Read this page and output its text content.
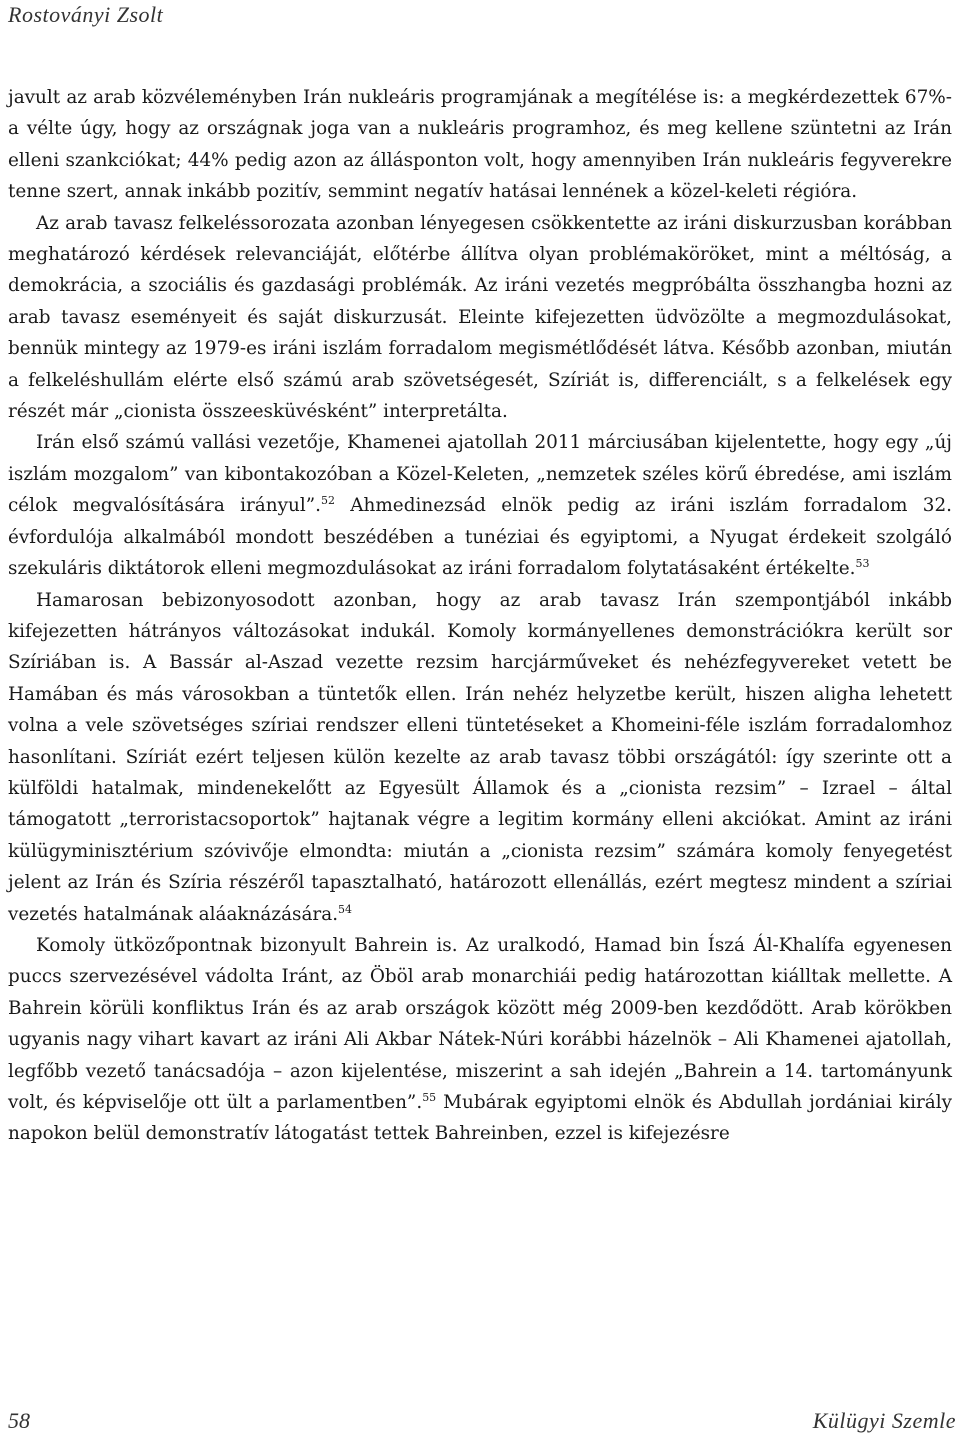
Rostoványi Zsolt

javult az arab közvéleményben Irán nukleáris programjának a megítélése is: a megkérdezettek 67%-a vélte úgy, hogy az országnak joga van a nukleáris programhoz, és meg kellene szüntetni az Irán elleni szankciókat; 44% pedig azon az állásponton volt, hogy amennyiben Irán nukleáris fegyverekre tenne szert, annak inkább pozitív, semmint negatív hatásai lennének a közel-keleti régióra.

Az arab tavasz felkeléssorozata azonban lényegesen csökkentette az iráni diskurzusban korábban meghatározó kérdések relevanciáját, előtérbe állítva olyan problémaköröket, mint a méltóság, a demokrácia, a szociális és gazdasági problémák. Az iráni vezetés megpróbálta összhangba hozni az arab tavasz eseményeit és saját diskurzusát. Eleinte kifejezetten üdvözölte a megmozdulásokat, bennük mintegy az 1979-es iráni iszlám forradalom megismétlődését látva. Később azonban, miután a felkeléshullám elérte első számú arab szövetségesét, Szíriát is, differenciált, s a felkelések egy részét már „cionista összeesküvésként” interpretálta.

Irán első számú vallási vezetője, Khamenei ajatollah 2011 márciusában kijelentette, hogy egy „új iszlám mozgalom” van kibontakozóban a Közel-Keleten, „nemzetek széles körű ébredése, ami iszlám célok megvalósítására irányul”.$^{52}$ Ahmedinezsád elnök pedig az iráni iszlám forradalom 32. évfordulója alkalmából mondott beszédében a tunéziai és egyiptomi, a Nyugat érdekeit szolgáló szekuláris diktátorok elleni megmozdulásokat az iráni forradalom folytatásaként értékelte.$^{53}$

Hamarosan bebizonyosodott azonban, hogy az arab tavasz Irán szempontjából inkább kifejezetten hátrányos változásokat indukál. Komoly kormányellenes demonstrációkra került sor Szíriában is. A Bassár al-Aszad vezette rezsim harcjárműveket és nehézfegyvereket vetett be Hamában és más városokban a tüntetők ellen. Irán nehéz helyzetbe került, hiszen aligha lehetett volna a vele szövetséges szíriai rendszer elleni tüntetéseket a Khomeini-féle iszlám forradalomhoz hasonlítani. Szíriát ezért teljesen külön kezelte az arab tavasz többi országától: így szerinte ott a külföldi hatalmak, mindenekelőtt az Egyesült Államok és a „cionista rezsim” – Izrael – által támogatott „terroristacsoportok” hajtanak végre a legitim kormány elleni akciókat. Amint az iráni külügyminisztérium szóvivője elmondta: miután a „cionista rezsim” számára komoly fenyegetést jelent az Irán és Szíria részéről tapasztalható, határozott ellenállás, ezért megtesz mindent a szíriai vezetés hatalmának aláaknázására.$^{54}$

Komoly ütközőpontnak bizonyult Bahrein is. Az uralkodó, Hamad bin Íszá Ál-Khalífa egyenesen puccs szervezésével vádolta Iránt, az Öböl arab monarchiái pedig határozottan kiálltak mellette. A Bahrein körüli konfliktus Irán és az arab országok között még 2009-ben kezdődött. Arab körökben ugyanis nagy vihart kavart az iráni Ali Akbar Nátek-Núri korábbi házelnök – Ali Khamenei ajatollah, legfőbb vezető tanácsadója – azon kijelentése, miszerint a sah idején „Bahrein a 14. tartományunk volt, és képviselője ott ült a parlamentben”.$^{55}$ Mubárak egyiptomi elnök és Abdullah jordániai király napokon belül demonstratív látogatást tettek Bahreinben, ezzel is kifejezésre

58	Külügyi Szemle
